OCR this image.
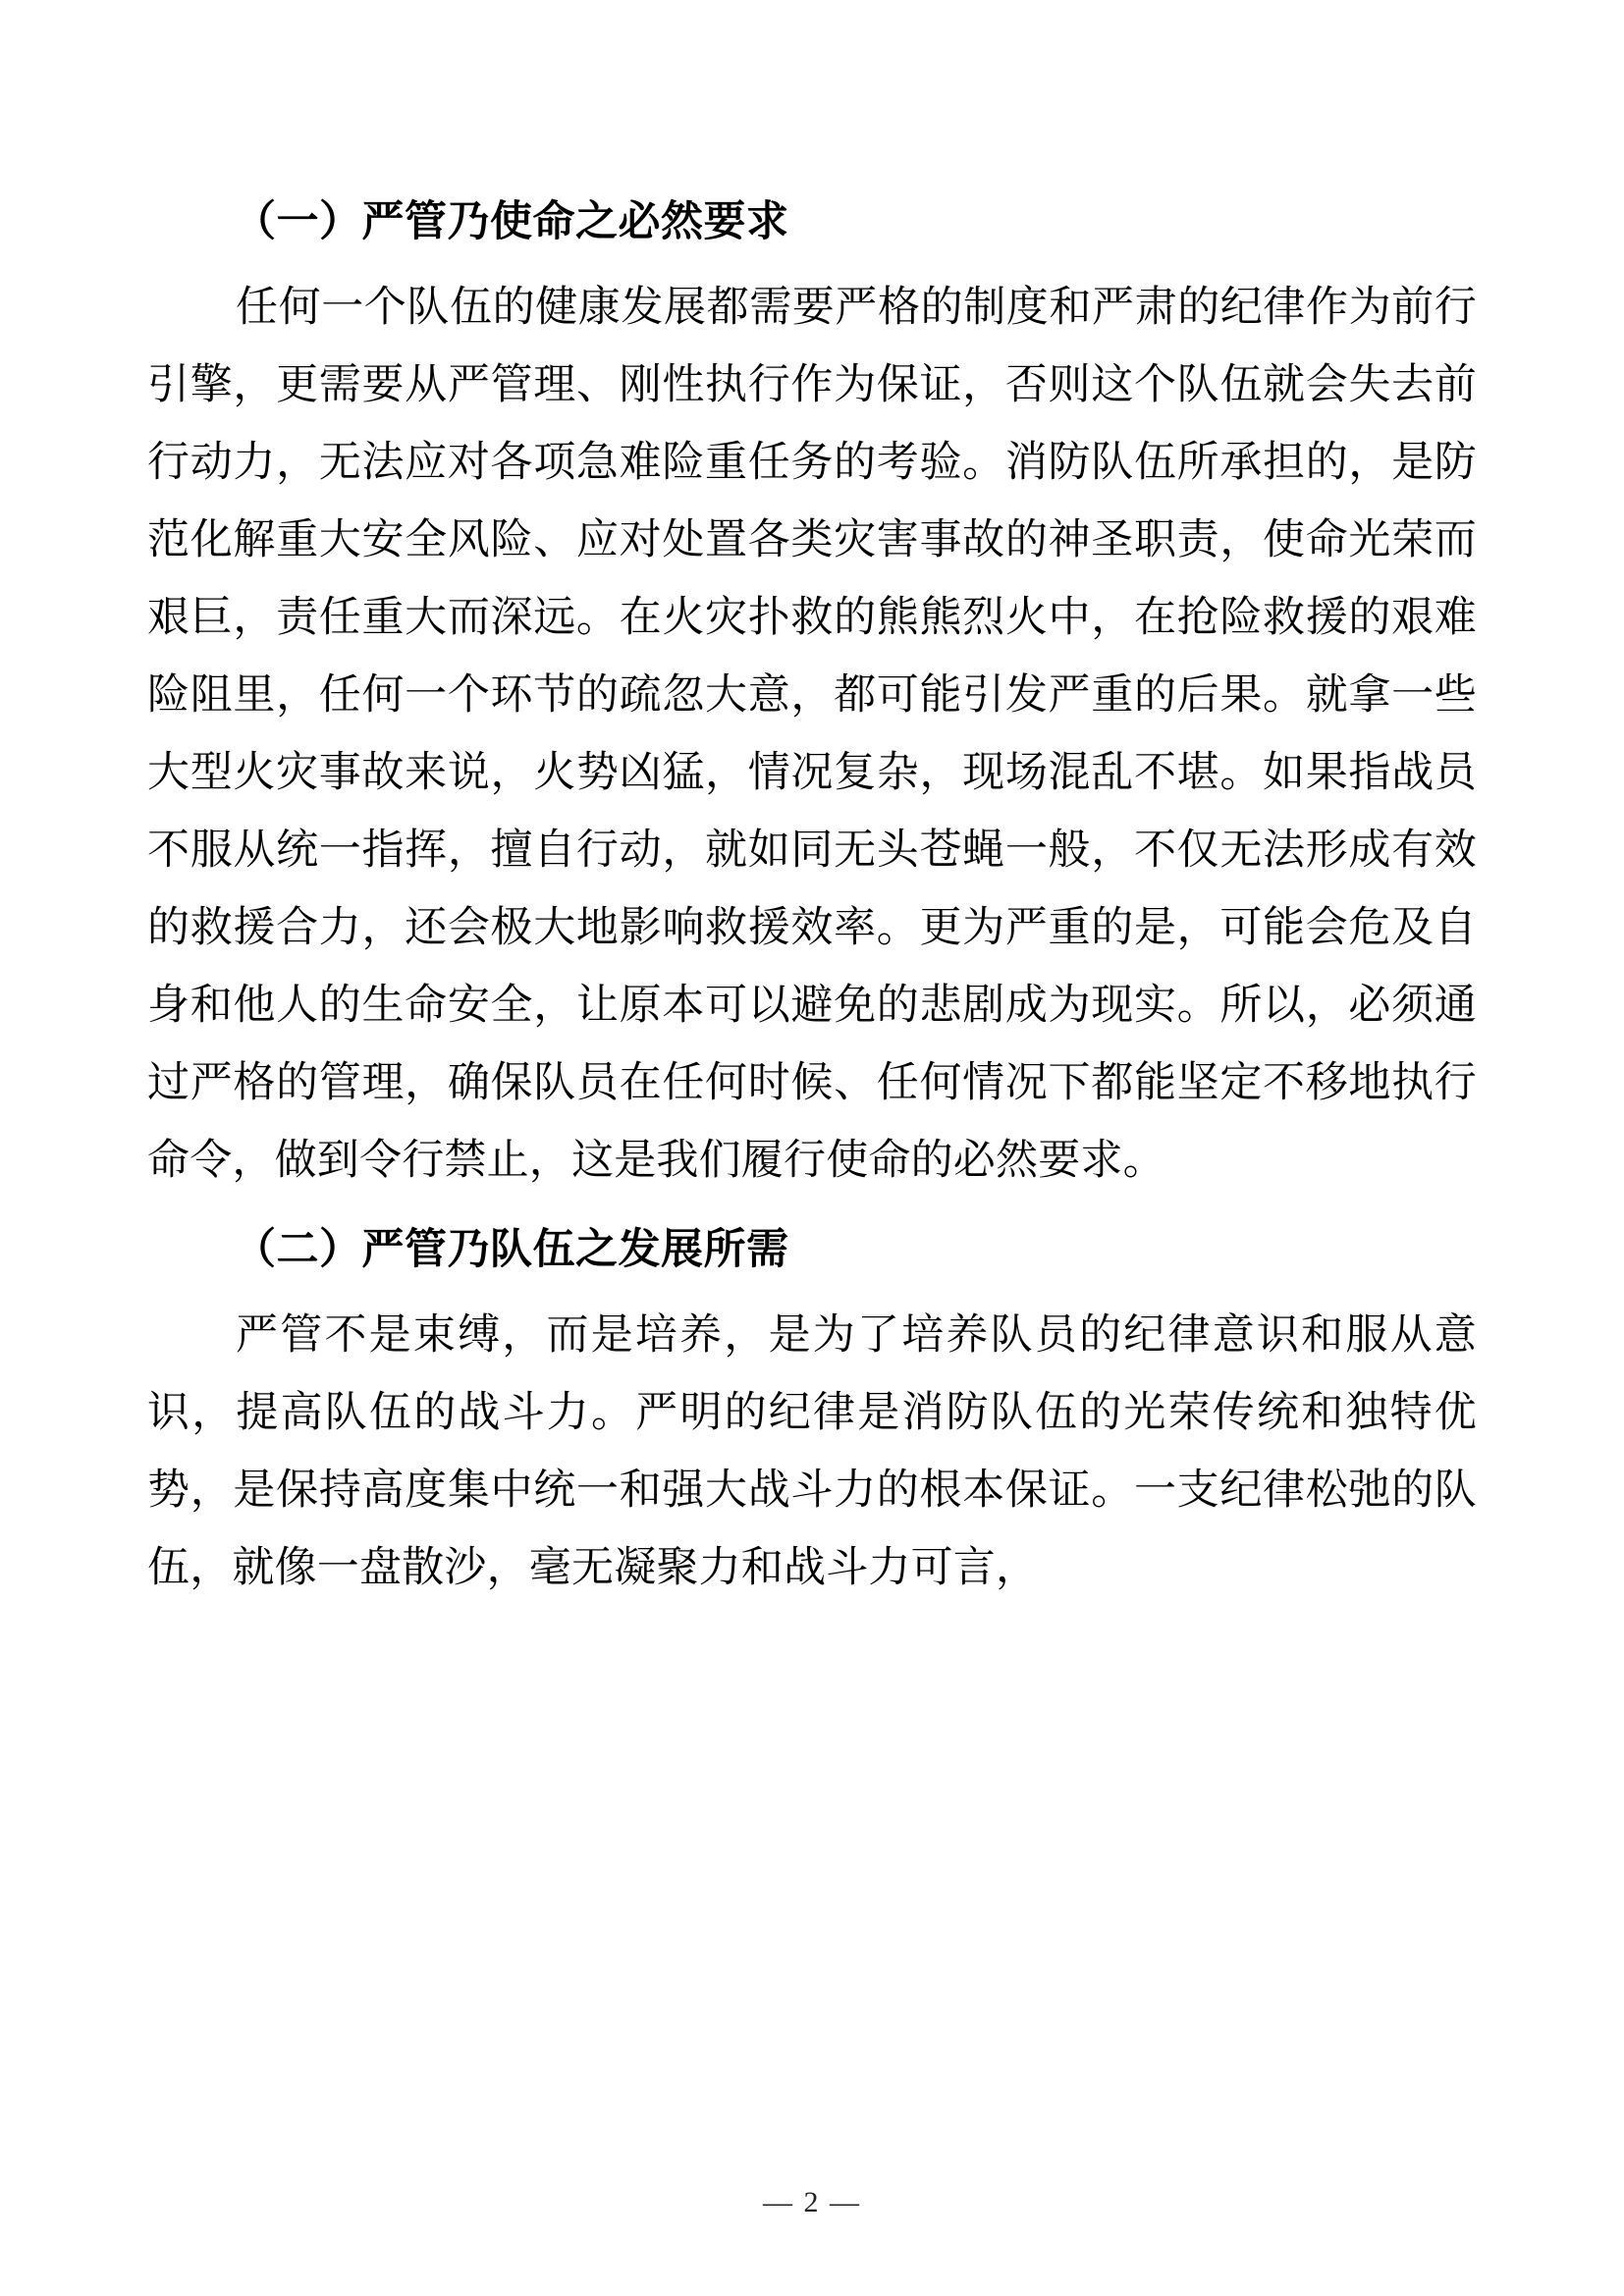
（一）严管乃使命之必然要求

任何一个队伍的健康发展都需要严格的制度和严肃的纪律作为前行引擎，更需要从严管理、刚性执行作为保证，否则这个队伍就会失去前行动力，无法应对各项急难险重任务的考验。消防队伍所承担的，是防范化解重大安全风险、应对处置各类灾害事故的神圣职责，使命光荣而艰巨，责任重大而深远。在火灾扑救的熊熊烈火中，在抢险救援的艰难险阻里，任何一个环节的疏忽大意，都可能引发严重的后果。就拿一些大型火灾事故来说，火势凶猛，情况复杂，现场混乱不堪。如果指战员不服从统一指挥，擅自行动，就如同无头苍蝇一般，不仅无法形成有效的救援合力，还会极大地影响救援效率。更为严重的是，可能会危及自身和他人的生命安全，让原本可以避免的悲剧成为现实。所以，必须通过严格的管理，确保队员在任何时候、任何情况下都能坚定不移地执行命令，做到令行禁止，这是我们履行使命的必然要求。

（二）严管乃队伍之发展所需

严管不是束缚，而是培养，是为了培养队员的纪律意识和服从意识，提高队伍的战斗力。严明的纪律是消防队伍的光荣传统和独特优势，是保持高度集中统一和强大战斗力的根本保证。一支纪律松弛的队伍，就像一盘散沙，毫无凝聚力和战斗力可言，

— 2 —
